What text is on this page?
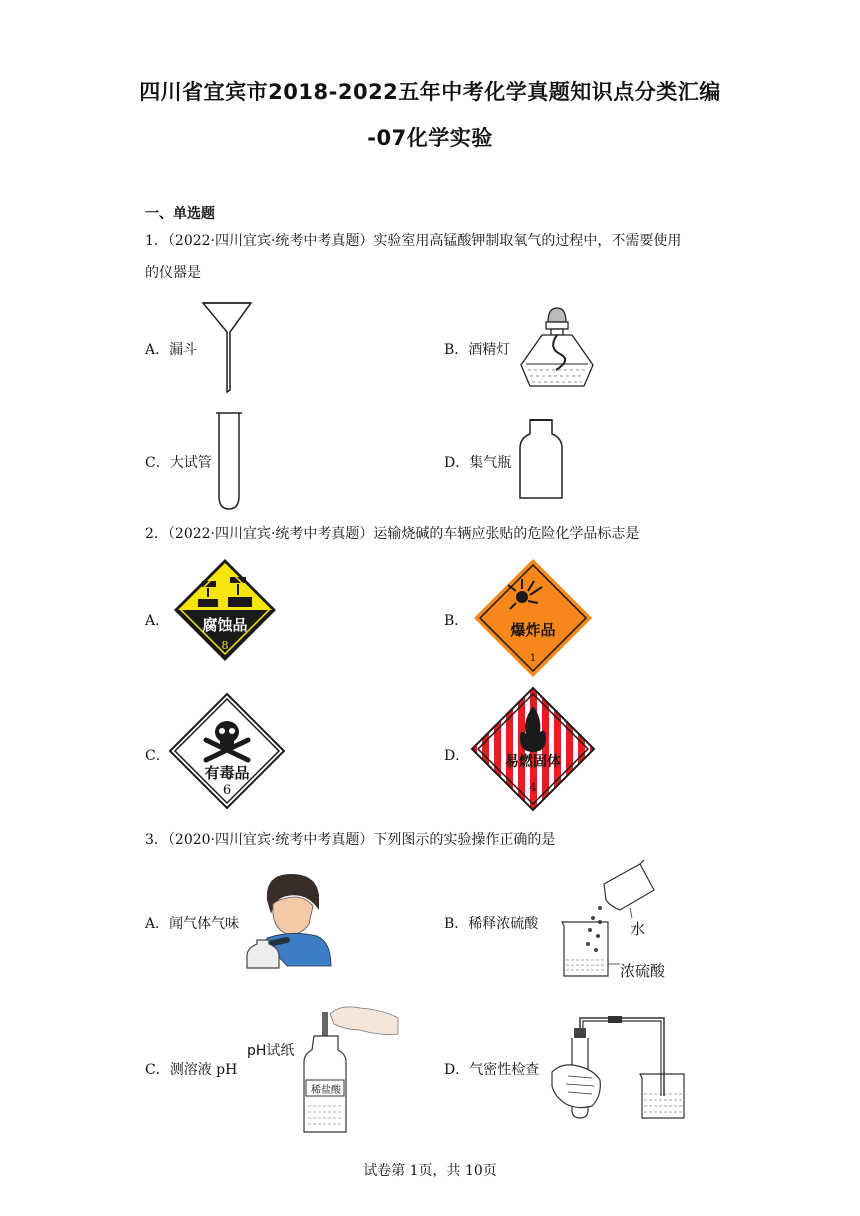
四川省宜宾市2018-2022五年中考化学真题知识点分类汇编
-07化学实验
一、单选题
1．（2022·四川宜宾·统考中考真题）实验室用高锰酸钾制取氧气的过程中，不需要使用
的仪器是
A．漏斗	B．酒精灯
C．大试管	D．集气瓶
2．（2022·四川宜宾·统考中考真题）运输烧碱的车辆应张贴的危险化学品标志是
A．	腐蚀品
8
B．	爆炸品
1
C．
有毒品
6
D．	易燃固体
4
3．（2020·四川宜宾·统考中考真题）下列图示的实验操作正确的是
A．闻气体气味	B．稀释浓硫酸	水
浓硫酸
C．测溶液 pH
pH试纸
稀盐酸
D．气密性检查
试卷第 1页，共 10页
